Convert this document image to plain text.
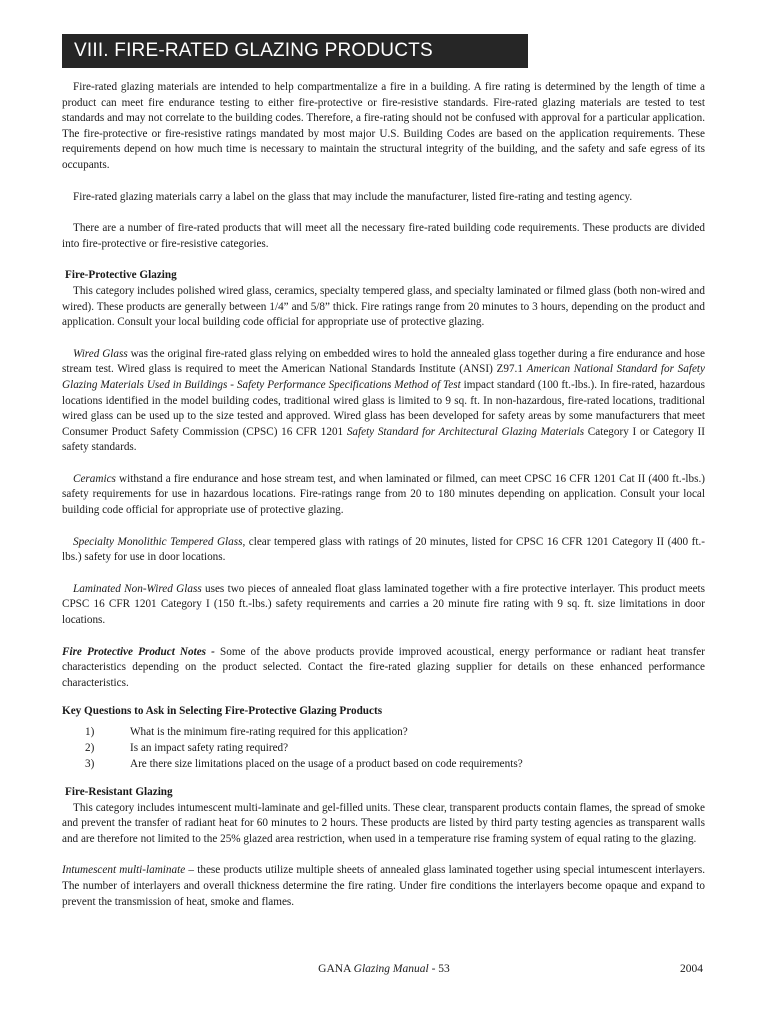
VIII. FIRE-RATED GLAZING PRODUCTS

Fire-rated glazing materials are intended to help compartmentalize a fire in a building. A fire rating is determined by the length of time a product can meet fire endurance testing to either fire-protective or fire-resistive standards. Fire-rated glazing materials are tested to test standards and may not correlate to the building codes. Therefore, a fire-rating should not be confused with approval for a particular application. The fire-protective or fire-resistive ratings mandated by most major U.S. Building Codes are based on the application requirements. These requirements depend on how much time is necessary to maintain the structural integrity of the building, and the safety and safe egress of its occupants.

Fire-rated glazing materials carry a label on the glass that may include the manufacturer, listed fire-rating and testing agency.

There are a number of fire-rated products that will meet all the necessary fire-rated building code requirements. These products are divided into fire-protective or fire-resistive categories.

Fire-Protective Glazing

This category includes polished wired glass, ceramics, specialty tempered glass, and specialty laminated or filmed glass (both non-wired and wired). These products are generally between 1/4” and 5/8” thick. Fire ratings range from 20 minutes to 3 hours, depending on the product and application. Consult your local building code official for appropriate use of protective glazing.

Wired Glass was the original fire-rated glass relying on embedded wires to hold the annealed glass together during a fire endurance and hose stream test. Wired glass is required to meet the American National Standards Institute (ANSI) Z97.1 American National Standard for Safety Glazing Materials Used in Buildings - Safety Performance Specifications Method of Test impact standard (100 ft.-lbs.). In fire-rated, hazardous locations identified in the model building codes, traditional wired glass is limited to 9 sq. ft. In non-hazardous, fire-rated locations, traditional wired glass can be used up to the size tested and approved. Wired glass has been developed for safety areas by some manufacturers that meet Consumer Product Safety Commission (CPSC) 16 CFR 1201 Safety Standard for Architectural Glazing Materials Category I or Category II safety standards.

Ceramics withstand a fire endurance and hose stream test, and when laminated or filmed, can meet CPSC 16 CFR 1201 Cat II (400 ft.-lbs.) safety requirements for use in hazardous locations. Fire-ratings range from 20 to 180 minutes depending on application. Consult your local building code official for appropriate use of protective glazing.

Specialty Monolithic Tempered Glass, clear tempered glass with ratings of 20 minutes, listed for CPSC 16 CFR 1201 Category II (400 ft.-lbs.) safety for use in door locations.

Laminated Non-Wired Glass uses two pieces of annealed float glass laminated together with a fire protective interlayer. This product meets CPSC 16 CFR 1201 Category I (150 ft.-lbs.) safety requirements and carries a 20 minute fire rating with 9 sq. ft. size limitations in door locations.

Fire Protective Product Notes - Some of the above products provide improved acoustical, energy performance or radiant heat transfer characteristics depending on the product selected. Contact the fire-rated glazing supplier for details on these enhanced performance characteristics.

Key Questions to Ask in Selecting Fire-Protective Glazing Products
1)	What is the minimum fire-rating required for this application?
2)	Is an impact safety rating required?
3)	Are there size limitations placed on the usage of a product based on code requirements?
Fire-Resistant Glazing

This category includes intumescent multi-laminate and gel-filled units. These clear, transparent products contain flames, the spread of smoke and prevent the transfer of radiant heat for 60 minutes to 2 hours. These products are listed by third party testing agencies as transparent walls and are therefore not limited to the 25% glazed area restriction, when used in a temperature rise framing system of equal rating to the glazing.

Intumescent multi-laminate – these products utilize multiple sheets of annealed glass laminated together using special intumescent interlayers. The number of interlayers and overall thickness determine the fire rating. Under fire conditions the interlayers become opaque and expand to prevent the transmission of heat, smoke and flames.

GANA Glazing Manual - 53	2004
